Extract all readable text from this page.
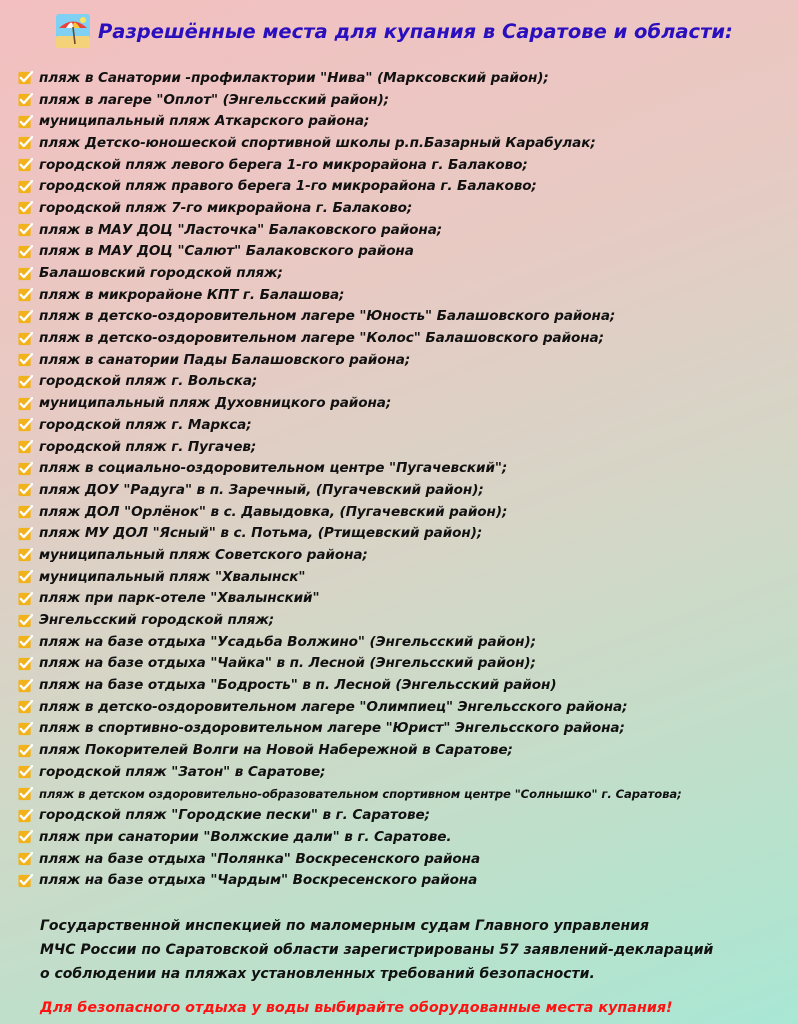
Разрешённые места для купания в Саратове и области:
пляж в Санатории -профилактории "Нива" (Марксовский район);
пляж в лагере "Оплот" (Энгельсский район);
муниципальный пляж Аткарского района;
пляж Детско-юношеской спортивной школы р.п.Базарный Карабулак;
городской пляж левого берега 1-го микрорайона г. Балаково;
городской пляж правого берега 1-го микрорайона г. Балаково;
городской пляж 7-го микрорайона г. Балаково;
пляж в МАУ ДОЦ "Ласточка" Балаковского района;
пляж в МАУ ДОЦ "Салют" Балаковского района
Балашовский городской пляж;
пляж в микрорайоне КПТ г. Балашова;
пляж в детско-оздоровительном лагере "Юность" Балашовского района;
пляж в детско-оздоровительном лагере "Колос" Балашовского района;
пляж в санатории Пады Балашовского района;
городской пляж г. Вольска;
муниципальный пляж Духовницкого района;
городской пляж г. Маркса;
городской пляж г. Пугачев;
пляж в социально-оздоровительном центре "Пугачевский";
пляж ДОУ "Радуга" в п. Заречный, (Пугачевский район);
пляж ДОЛ "Орлёнок" в с. Давыдовка, (Пугачевский район);
пляж МУ ДОЛ "Ясный" в с. Потьма, (Ртищевский район);
муниципальный пляж Советского района;
муниципальный пляж "Хвалынск"
пляж при парк-отеле "Хвалынский"
Энгельсский городской пляж;
пляж на базе отдыха "Усадьба Волжино" (Энгельсский район);
пляж на базе отдыха "Чайка" в п. Лесной (Энгельсский район);
пляж на базе отдыха "Бодрость" в п. Лесной (Энгельсский район)
пляж в детско-оздоровительном лагере "Олимпиец" Энгельсского района;
пляж в спортивно-оздоровительном лагере "Юрист" Энгельсского района;
пляж Покорителей Волги на Новой Набережной в Саратове;
городской пляж "Затон" в Саратове;
пляж в детском оздоровительно-образовательном спортивном центре "Солнышко" г. Саратова;
городской пляж "Городские пески" в г. Саратове;
пляж при санатории "Волжские дали" в г. Саратове.
пляж на базе отдыха "Полянка" Воскресенского района
пляж на базе отдыха "Чардым" Воскресенского района
Государственной инспекцией по маломерным судам Главного управления
МЧС России по Саратовской области зарегистрированы 57 заявлений-деклараций
о соблюдении на пляжах установленных требований безопасности.
Для безопасного отдыха у воды выбирайте оборудованные места купания!
